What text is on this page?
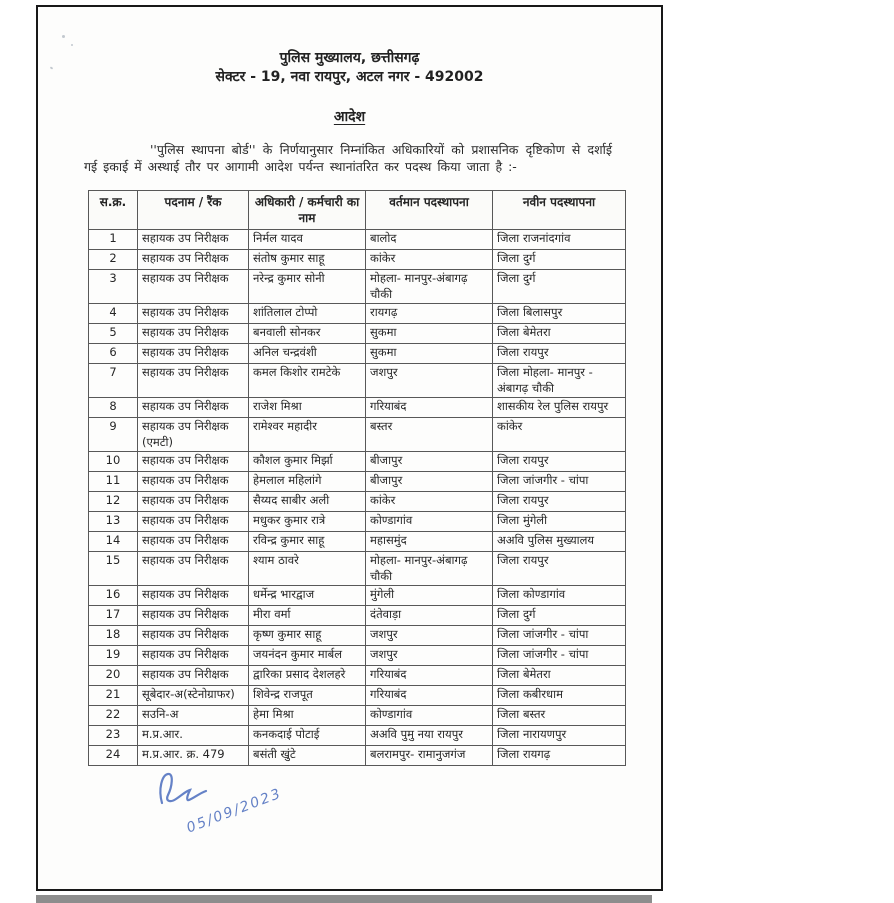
पुलिस मुख्यालय, छत्तीसगढ़
सेक्टर - 19, नवा रायपुर, अटल नगर - 492002
आदेश

''पुलिस स्थापना बोर्ड'' के निर्णयानुसार निम्नांकित अधिकारियों को प्रशासनिक दृष्टिकोण से दर्शाई गई इकाई में अस्थाई तौर पर आगामी आदेश पर्यन्त स्थानांतरित कर पदस्थ किया जाता है :-

स.क्र.	पदनाम / रैंक	अधिकारी / कर्मचारी का नाम	वर्तमान पदस्थापना	नवीन पदस्थापना
1	सहायक उप निरीक्षक	निर्मल यादव	बालोद	जिला राजनांदगांव
2	सहायक उप निरीक्षक	संतोष कुमार साहू	कांकेर	जिला दुर्ग
3	सहायक उप निरीक्षक	नरेन्द्र कुमार सोनी	मोहला- मानपुर-अंबागढ़ चौकी	जिला दुर्ग
4	सहायक उप निरीक्षक	शांतिलाल टोप्पो	रायगढ़	जिला बिलासपुर
5	सहायक उप निरीक्षक	बनवाली सोनकर	सुकमा	जिला बेमेतरा
6	सहायक उप निरीक्षक	अनिल चन्द्रवंशी	सुकमा	जिला रायपुर
7	सहायक उप निरीक्षक	कमल किशोर रामटेके	जशपुर	जिला मोहला- मानपुर - अंबागढ़ चौकी
8	सहायक उप निरीक्षक	राजेश मिश्रा	गरियाबंद	शासकीय रेल पुलिस रायपुर
9	सहायक उप निरीक्षक (एमटी)	रामेश्वर महादीर	बस्तर	कांकेर
10	सहायक उप निरीक्षक	कौशल कुमार मिर्झा	बीजापुर	जिला रायपुर
11	सहायक उप निरीक्षक	हेमलाल महिलांगे	बीजापुर	जिला जांजगीर - चांपा
12	सहायक उप निरीक्षक	सैय्यद साबीर अली	कांकेर	जिला रायपुर
13	सहायक उप निरीक्षक	मधुकर कुमार रात्रे	कोण्डागांव	जिला मुंगेली
14	सहायक उप निरीक्षक	रविन्द्र कुमार साहू	महासमुंद	अअवि पुलिस मुख्यालय
15	सहायक उप निरीक्षक	श्याम ठावरे	मोहला- मानपुर-अंबागढ़ चौकी	जिला रायपुर
16	सहायक उप निरीक्षक	धर्मेन्द्र भारद्वाज	मुंगेली	जिला कोण्डागांव
17	सहायक उप निरीक्षक	मीरा वर्मा	दंतेवाड़ा	जिला दुर्ग
18	सहायक उप निरीक्षक	कृष्ण कुमार साहू	जशपुर	जिला जांजगीर - चांपा
19	सहायक उप निरीक्षक	जयनंदन कुमार मार्बल	जशपुर	जिला जांजगीर - चांपा
20	सहायक उप निरीक्षक	द्वारिका प्रसाद देशलहरे	गरियाबंद	जिला बेमेतरा
21	सूबेदार-अ(स्टेनोग्राफर)	शिवेन्द्र राजपूत	गरियाबंद	जिला कबीरधाम
22	सउनि-अ	हेमा मिश्रा	कोण्डागांव	जिला बस्तर
23	म.प्र.आर.	कनकदाई पोटाई	अअवि पुमु नया रायपुर	जिला नारायणपुर
24	म.प्र.आर. क्र. 479	बसंती खुंटे	बलरामपुर- रामानुजगंज	जिला रायगढ़
05/09/2023
